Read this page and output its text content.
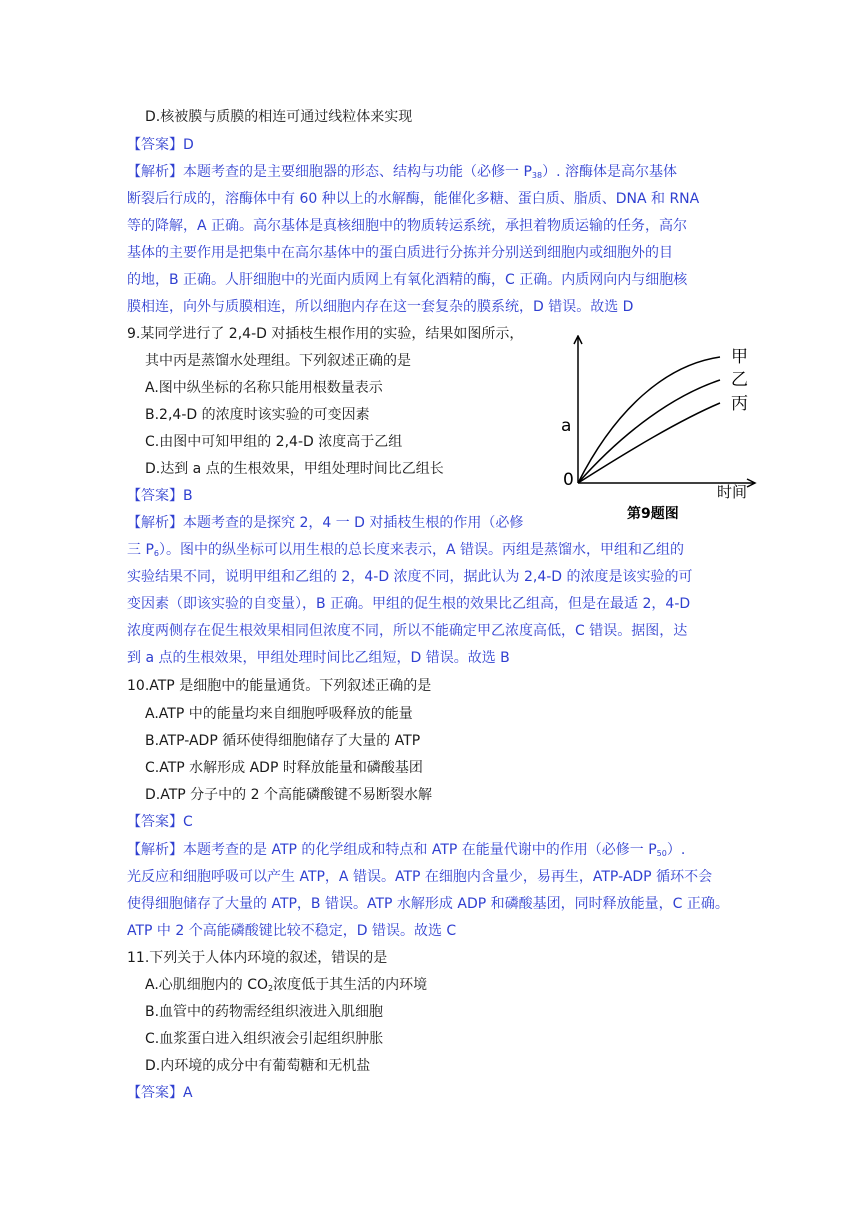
D.核被膜与质膜的相连可通过线粒体来实现
【答案】D
【解析】本题考查的是主要细胞器的形态、结构与功能（必修一 $P_{38}$）. 溶酶体是高尔基体
断裂后行成的，溶酶体中有 60 种以上的水解酶，能催化多糖、蛋白质、脂质、DNA 和 RNA
等的降解，A 正确。高尔基体是真核细胞中的物质转运系统，承担着物质运输的任务，高尔
基体的主要作用是把集中在高尔基体中的蛋白质进行分拣并分别送到细胞内或细胞外的目
的地，B 正确。人肝细胞中的光面内质网上有氧化酒精的酶，C 正确。内质网向内与细胞核
膜相连，向外与质膜相连，所以细胞内存在这一套复杂的膜系统，D 错误。故选 D
9.某同学进行了 2,4-D 对插枝生根作用的实验，结果如图所示，
其中丙是蒸馏水处理组。下列叙述正确的是
A.图中纵坐标的名称只能用根数量表示
B.2,4-D 的浓度时该实验的可变因素
C.由图中可知甲组的 2,4-D 浓度高于乙组
D.达到 a 点的生根效果，甲组处理时间比乙组长
【答案】B
【解析】本题考查的是探究 2，4 一 D 对插枝生根的作用（必修
三 $P_6$）。图中的纵坐标可以用生根的总长度来表示，A 错误。丙组是蒸馏水，甲组和乙组的
实验结果不同，说明甲组和乙组的 2，4-D 浓度不同，据此认为 2,4-D 的浓度是该实验的可
变因素（即该实验的自变量），B 正确。甲组的促生根的效果比乙组高，但是在最适 2，4-D
浓度两侧存在促生根效果相同但浓度不同，所以不能确定甲乙浓度高低，C 错误。据图，达
到 a 点的生根效果，甲组处理时间比乙组短，D 错误。故选 B
甲
乙
丙
a
0
时间
第9题图
10.ATP 是细胞中的能量通货。下列叙述正确的是
A.ATP 中的能量均来自细胞呼吸释放的能量
B.ATP-ADP 循环使得细胞储存了大量的 ATP
C.ATP 水解形成 ADP 时释放能量和磷酸基团
D.ATP 分子中的 2 个高能磷酸键不易断裂水解
【答案】C
【解析】本题考查的是 ATP 的化学组成和特点和 ATP 在能量代谢中的作用（必修一 $P_{50}$）.
光反应和细胞呼吸可以产生 ATP，A 错误。ATP 在细胞内含量少，易再生，ATP-ADP 循环不会
使得细胞储存了大量的 ATP，B 错误。ATP 水解形成 ADP 和磷酸基团，同时释放能量，C 正确。
ATP 中 2 个高能磷酸键比较不稳定，D 错误。故选 C
11.下列关于人体内环境的叙述，错误的是
A.心肌细胞内的 $CO_2$浓度低于其生活的内环境
B.血管中的药物需经组织液进入肌细胞
C.血浆蛋白进入组织液会引起组织肿胀
D.内环境的成分中有葡萄糖和无机盐
【答案】A
